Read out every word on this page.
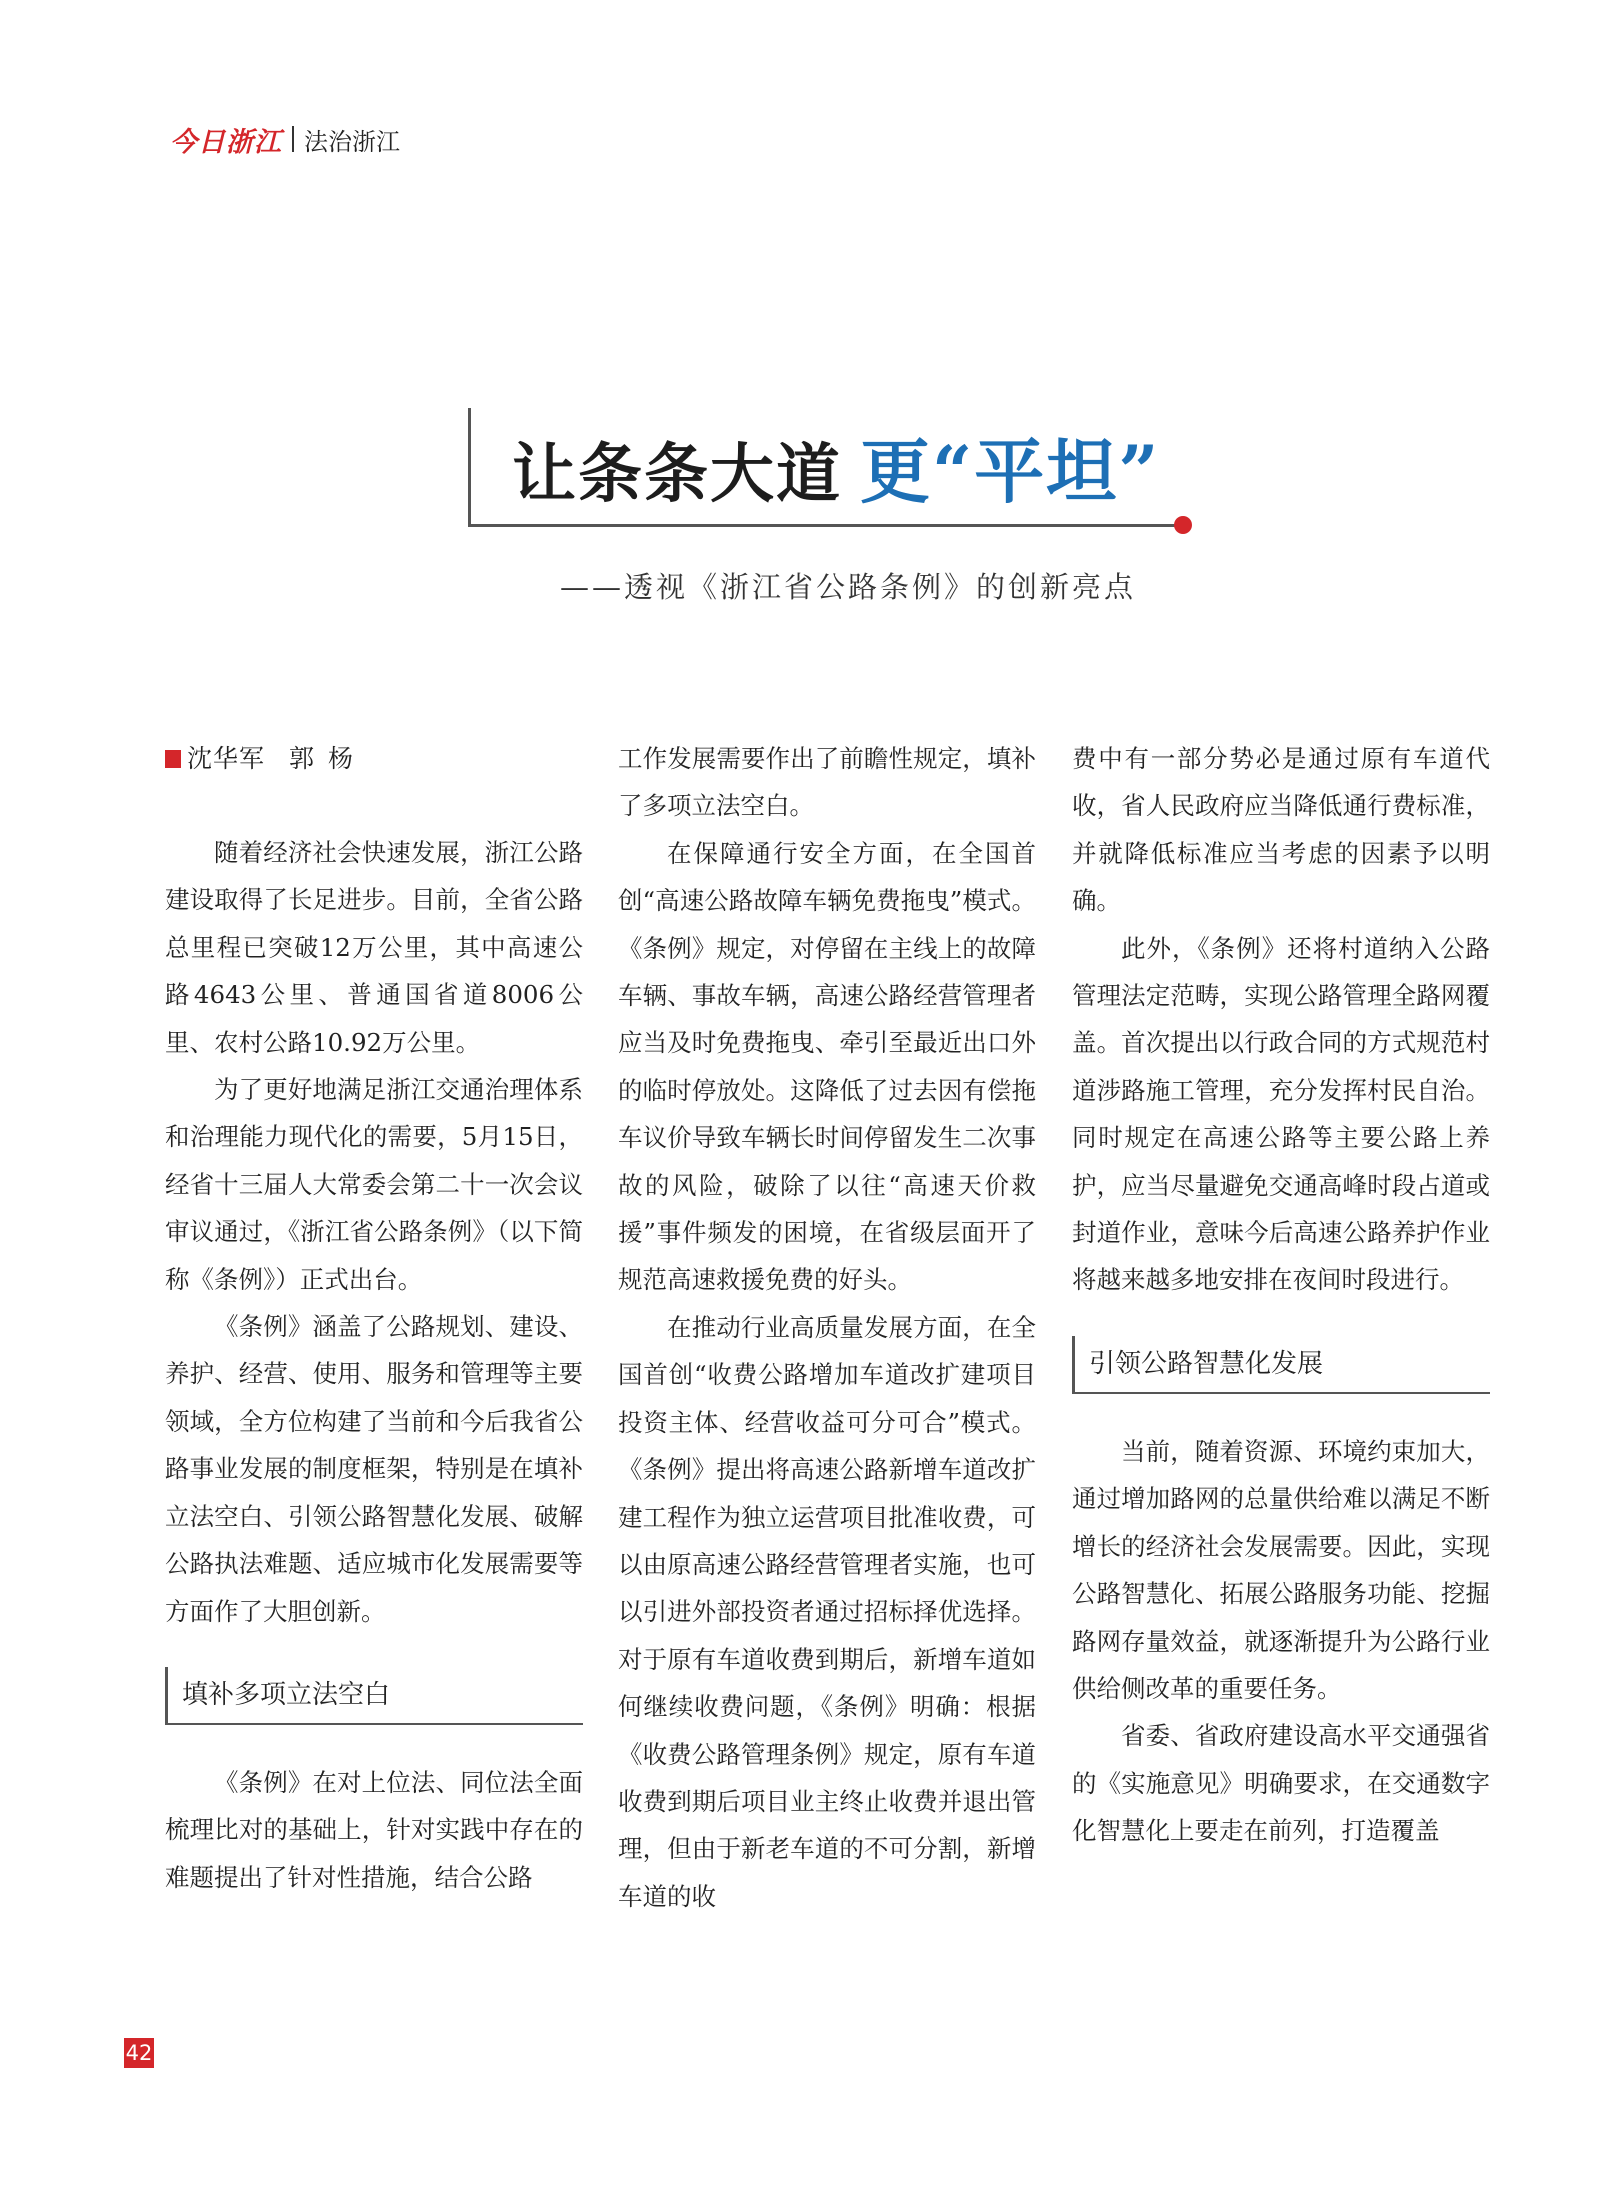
今日浙江 法治浙江
让条条大道 更“平坦”
——透视《浙江省公路条例》的创新亮点
沈华军 郭杨

随着经济社会快速发展，浙江公路建设取得了长足进步。目前，全省公路总里程已突破12万公里，其中高速公路4643公里、普通国省道8006公里、农村公路10.92万公里。

为了更好地满足浙江交通治理体系和治理能力现代化的需要，5月15日，经省十三届人大常委会第二十一次会议审议通过，《浙江省公路条例》（以下简称《条例》）正式出台。

《条例》涵盖了公路规划、建设、养护、经营、使用、服务和管理等主要领域，全方位构建了当前和今后我省公路事业发展的制度框架，特别是在填补立法空白、引领公路智慧化发展、破解公路执法难题、适应城市化发展需要等方面作了大胆创新。

填补多项立法空白

《条例》在对上位法、同位法全面梳理比对的基础上，针对实践中存在的难题提出了针对性措施，结合公路

工作发展需要作出了前瞻性规定，填补了多项立法空白。

在保障通行安全方面，在全国首创“高速公路故障车辆免费拖曳”模式。《条例》规定，对停留在主线上的故障车辆、事故车辆，高速公路经营管理者应当及时免费拖曳、牵引至最近出口外的临时停放处。这降低了过去因有偿拖车议价导致车辆长时间停留发生二次事故的风险，破除了以往“高速天价救援”事件频发的困境，在省级层面开了规范高速救援免费的好头。

在推动行业高质量发展方面，在全国首创“收费公路增加车道改扩建项目投资主体、经营收益可分可合”模式。《条例》提出将高速公路新增车道改扩建工程作为独立运营项目批准收费，可以由原高速公路经营管理者实施，也可以引进外部投资者通过招标择优选择。对于原有车道收费到期后，新增车道如何继续收费问题，《条例》明确：根据《收费公路管理条例》规定，原有车道收费到期后项目业主终止收费并退出管理，但由于新老车道的不可分割，新增车道的收

费中有一部分势必是通过原有车道代收，省人民政府应当降低通行费标准，并就降低标准应当考虑的因素予以明确。

此外，《条例》还将村道纳入公路管理法定范畴，实现公路管理全路网覆盖。首次提出以行政合同的方式规范村道涉路施工管理，充分发挥村民自治。同时规定在高速公路等主要公路上养护，应当尽量避免交通高峰时段占道或封道作业，意味今后高速公路养护作业将越来越多地安排在夜间时段进行。

引领公路智慧化发展

当前，随着资源、环境约束加大，通过增加路网的总量供给难以满足不断增长的经济社会发展需要。因此，实现公路智慧化、拓展公路服务功能、挖掘路网存量效益，就逐渐提升为公路行业供给侧改革的重要任务。

省委、省政府建设高水平交通强省的《实施意见》明确要求，在交通数字化智慧化上要走在前列，打造覆盖

42
